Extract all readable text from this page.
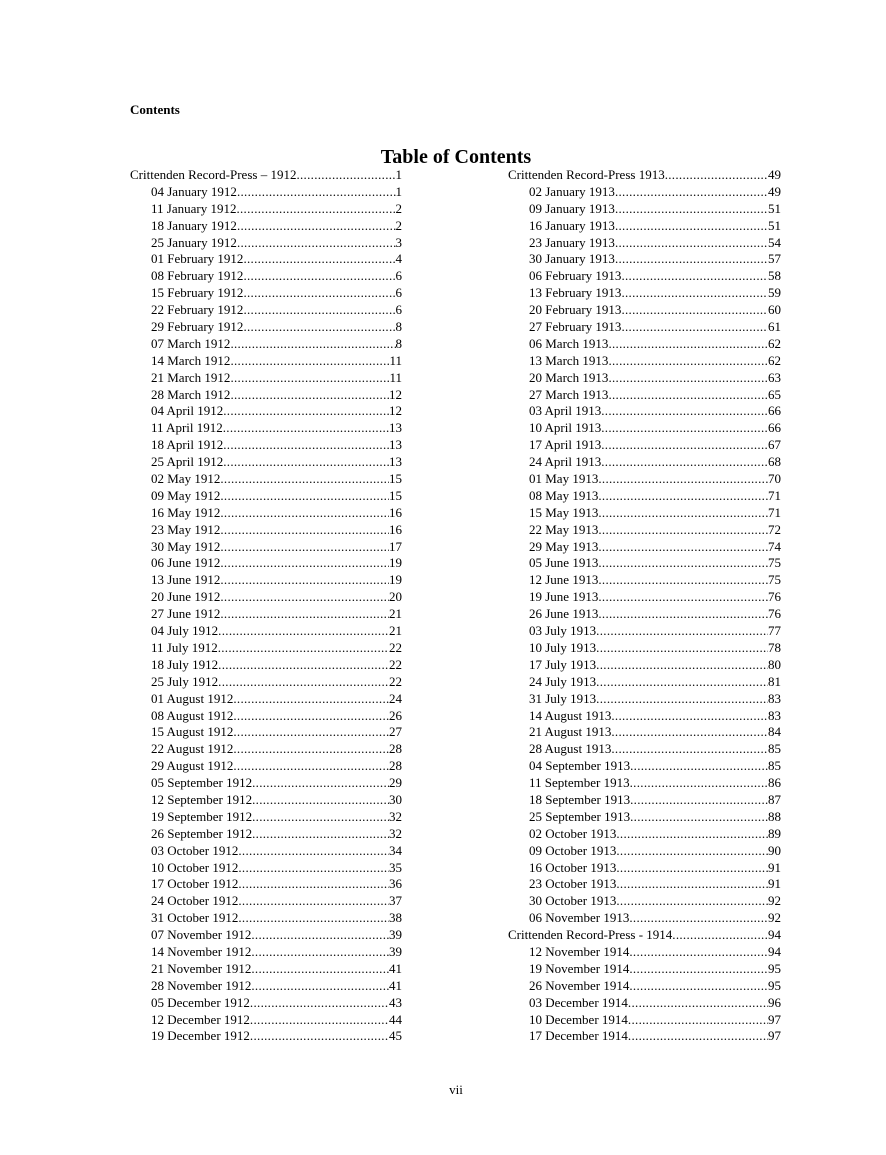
Contents
Table of Contents
Crittenden Record-Press – 1912 .....	1
04 January 1912 .....	1
11 January 1912 .....	2
18 January 1912 .....	2
25 January 1912 .....	3
01 February 1912 .....	4
08 February 1912 .....	6
15 February 1912 .....	6
22 February 1912 .....	6
29 February 1912 .....	8
07 March 1912 .....	8
14 March 1912 .....	11
21 March 1912 .....	11
28 March 1912 .....	12
04 April 1912 .....	12
11 April 1912 .....	13
18 April 1912 .....	13
25 April 1912 .....	13
02 May 1912 .....	15
09 May 1912 .....	15
16 May 1912 .....	16
23 May 1912 .....	16
30 May 1912 .....	17
06 June 1912 .....	19
13 June 1912 .....	19
20 June 1912 .....	20
27 June 1912 .....	21
04 July 1912 .....	21
11 July 1912 .....	22
18 July 1912 .....	22
25 July 1912 .....	22
01 August 1912 .....	24
08 August 1912 .....	26
15 August 1912 .....	27
22 August 1912 .....	28
29 August 1912 .....	28
05 September 1912 .....	29
12 September 1912 .....	30
19 September 1912 .....	32
26 September 1912 .....	32
03 October 1912 .....	34
10 October 1912 .....	35
17 October 1912 .....	36
24 October 1912 .....	37
31 October 1912 .....	38
07 November 1912 .....	39
14 November 1912 .....	39
21 November 1912 .....	41
28 November 1912 .....	41
05 December 1912 .....	43
12 December 1912 .....	44
19 December 1912 .....	45
Crittenden Record-Press 1913 .....	49
02 January 1913 .....	49
09 January 1913 .....	51
16 January 1913 .....	51
23 January 1913 .....	54
30 January 1913 .....	57
06 February 1913 .....	58
13 February 1913 .....	59
20 February 1913 .....	60
27 February 1913 .....	61
06 March 1913 .....	62
13 March 1913 .....	62
20 March 1913 .....	63
27 March 1913 .....	65
03 April 1913 .....	66
10 April 1913 .....	66
17 April 1913 .....	67
24 April 1913 .....	68
01 May 1913 .....	70
08 May 1913 .....	71
15 May 1913 .....	71
22 May 1913 .....	72
29 May 1913 .....	74
05 June 1913 .....	75
12 June 1913 .....	75
19 June 1913 .....	76
26 June 1913 .....	76
03 July 1913 .....	77
10 July 1913 .....	78
17 July 1913 .....	80
24 July 1913 .....	81
31 July 1913 .....	83
14 August 1913 .....	83
21 August 1913 .....	84
28 August 1913 .....	85
04 September 1913 .....	85
11 September 1913 .....	86
18 September 1913 .....	87
25 September 1913 .....	88
02 October 1913 .....	89
09 October 1913 .....	90
16 October 1913 .....	91
23 October 1913 .....	91
30 October 1913 .....	92
06 November 1913 .....	92
Crittenden Record-Press - 1914 .....	94
12 November 1914 .....	94
19 November 1914 .....	95
26 November 1914 .....	95
03 December 1914 .....	96
10 December 1914 .....	97
17 December 1914 .....	97
vii
